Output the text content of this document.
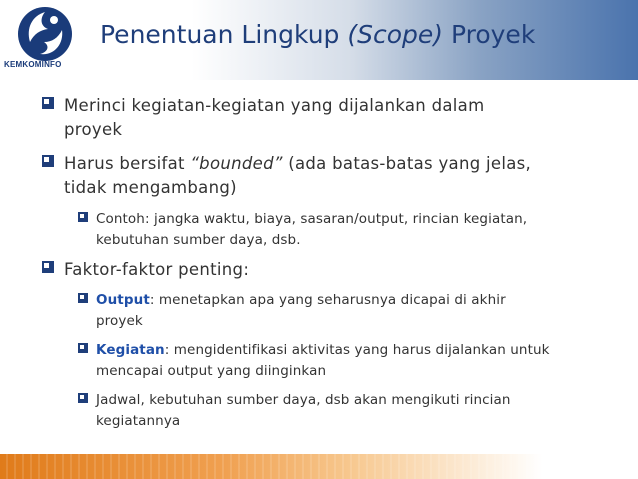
KEMKOMINFO
Penentuan Lingkup (Scope) Proyek
Merinci kegiatan-kegiatan yang dijalankan dalam
proyek
Harus bersifat “bounded” (ada batas-batas yang jelas,
tidak mengambang)
Contoh: jangka waktu, biaya, sasaran/output, rincian kegiatan,
kebutuhan sumber daya, dsb.
Faktor-faktor penting:
Output: menetapkan apa yang seharusnya dicapai di akhir
proyek
Kegiatan: mengidentifikasi aktivitas yang harus dijalankan untuk
mencapai output yang diinginkan
Jadwal, kebutuhan sumber daya, dsb akan mengikuti rincian
kegiatannya
